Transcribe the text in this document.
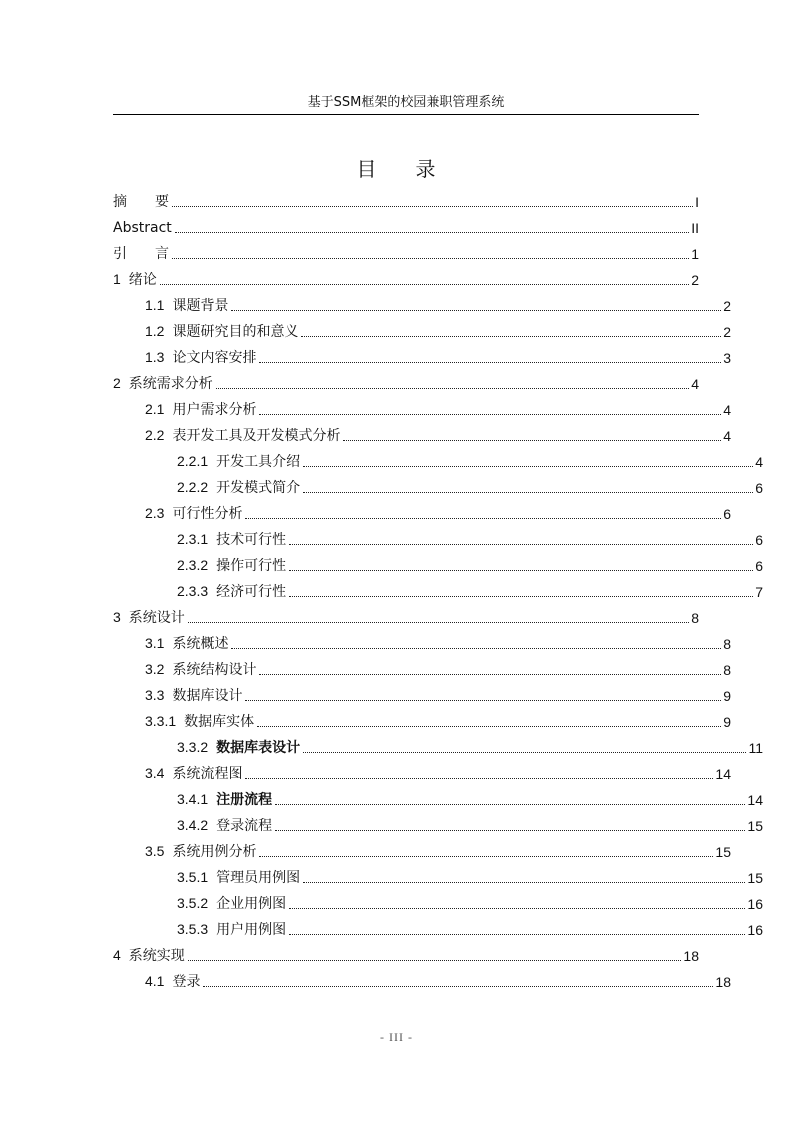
基于SSM框架的校园兼职管理系统
目 录
摘 要	I
Abstract	II
引 言	1
1 绪论	2
1.1 课题背景	2
1.2 课题研究目的和意义	2
1.3 论文内容安排	3
2 系统需求分析	4
2.1 用户需求分析	4
2.2 表开发工具及开发模式分析	4
2.2.1 开发工具介绍	4
2.2.2 开发模式简介	6
2.3 可行性分析	6
2.3.1 技术可行性	6
2.3.2 操作可行性	6
2.3.3 经济可行性	7
3 系统设计	8
3.1 系统概述	8
3.2 系统结构设计	8
3.3 数据库设计	9
3.3.1 数据库实体	9
3.3.2 数据库表设计	11
3.4 系统流程图	14
3.4.1 注册流程	14
3.4.2 登录流程	15
3.5 系统用例分析	15
3.5.1 管理员用例图	15
3.5.2 企业用例图	16
3.5.3 用户用例图	16
4 系统实现	18
4.1 登录	18
- III -
